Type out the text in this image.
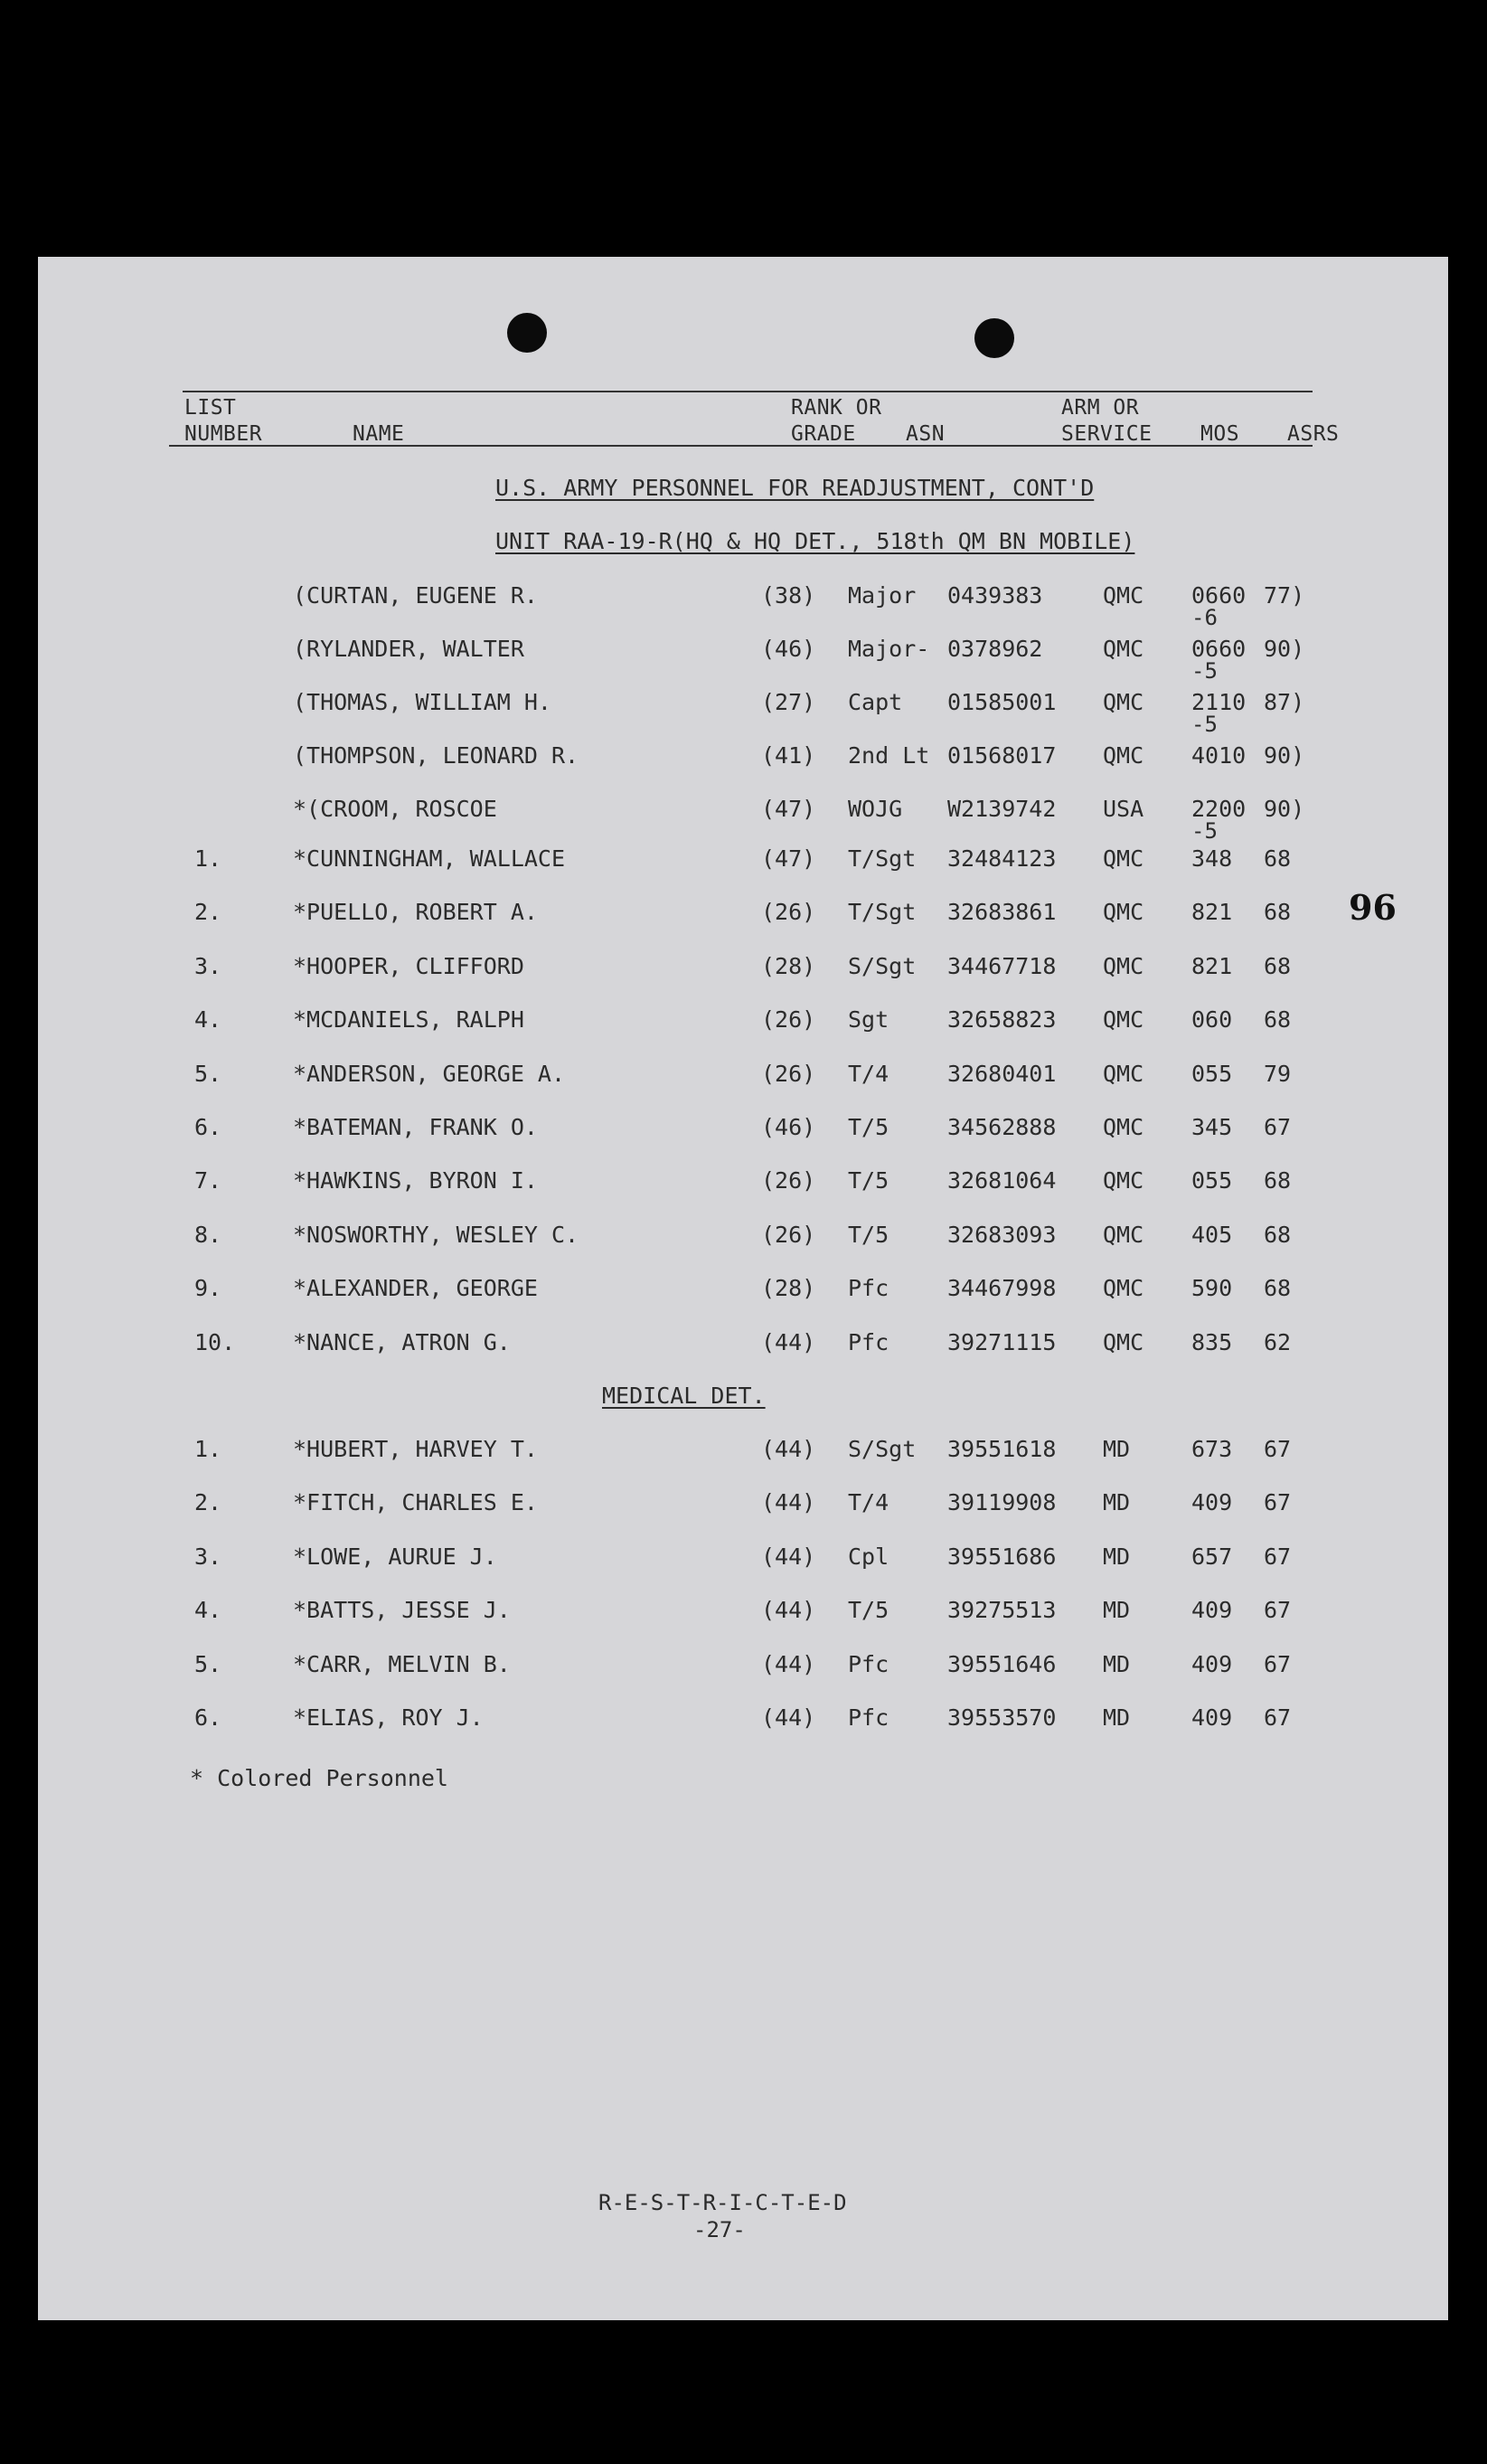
LIST
NUMBER	NAME
RANK OR
GRADE ASN
ARM OR
SERVICE MOS ASRS
U.S. ARMY PERSONNEL FOR READJUSTMENT, CONT'D
UNIT RAA-19-R(HQ & HQ DET., 518th QM BN MOBILE)
(CURTAN, EUGENE R.	(38) Major 0439383	QMC 0660 77)
-6
(RYLANDER, WALTER	(46) Major- 0378962	QMC 0660 90)
-5
(THOMAS, WILLIAM H.	(27) Capt 01585001 QMC 2110 87)
-5
(THOMPSON, LEONARD R.	(41) 2nd Lt 01568017 QMC 4010 90)
*(CROOM, ROSCOE	(47) WOJG W2139742 USA 2200 90)
-5
1.	*CUNNINGHAM, WALLACE	(47) T/Sgt 32484123 QMC 348 68
2.	*PUELLO, ROBERT A.	(26) T/Sgt 32683861 QMC 821 68
3.	*HOOPER, CLIFFORD	(28) S/Sgt 34467718 QMC 821 68
4.	*MCDANIELS, RALPH	(26) Sgt	32658823 QMC 060 68
5.	*ANDERSON, GEORGE A.	(26) T/4	32680401 QMC 055 79
6.	*BATEMAN, FRANK O.	(46) T/5	34562888 QMC 345 67
7.	*HAWKINS, BYRON I.	(26) T/5	32681064 QMC 055 68
8.	*NOSWORTHY, WESLEY C.	(26) T/5	32683093 QMC 405 68
9.	*ALEXANDER, GEORGE	(28) Pfc	34467998 QMC 590 68
10.	*NANCE, ATRON G.	(44) Pfc	39271115 QMC 835 62
MEDICAL DET.
1.	*HUBERT, HARVEY T.	(44) S/Sgt 39551618 MD	673 67
2.	*FITCH, CHARLES E.	(44) T/4	39119908 MD	409 67
3.	*LOWE, AURUE J.	(44) Cpl	39551686 MD	657 67
4.	*BATTS, JESSE J.	(44) T/5	39275513 MD	409 67
5.	*CARR, MELVIN B.	(44) Pfc	39551646 MD	409 67
6.	*ELIAS, ROY J.	(44) Pfc	39553570 MD	409 67
* Colored Personnel
96
R-E-S-T-R-I-C-T-E-D
-27-
